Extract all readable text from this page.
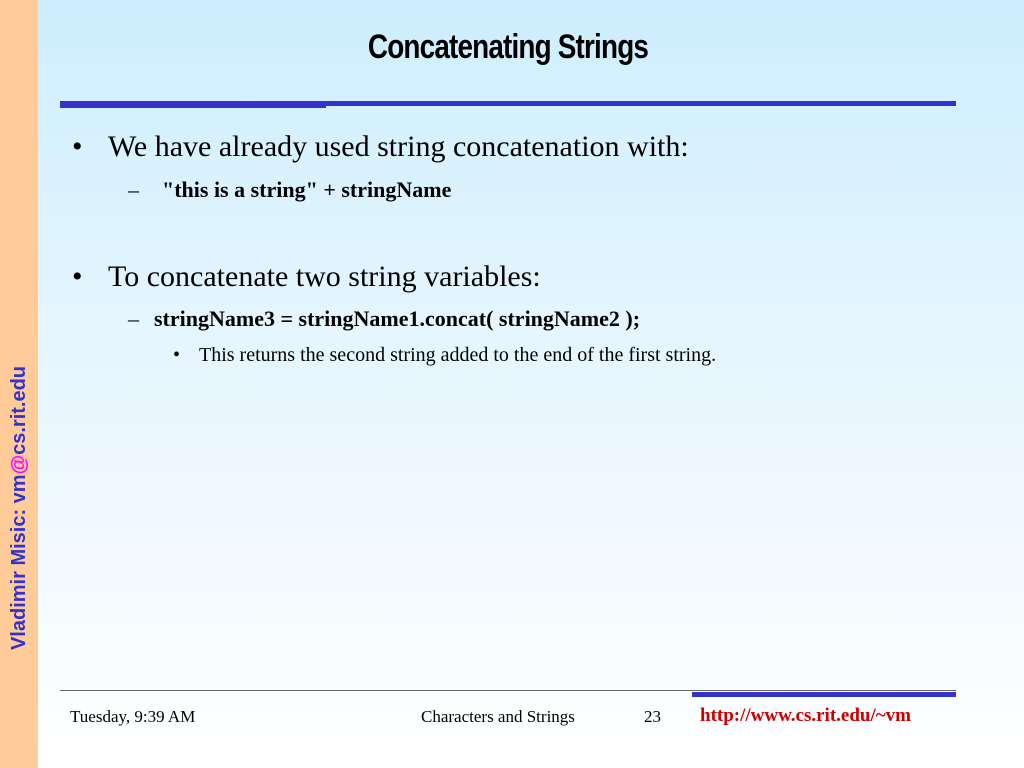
Vladimir Misic: vm@cs.rit.edu
Concatenating Strings
• We have already used string concatenation with:
– "this is a string" + stringName
• To concatenate two string variables:
– stringName3 = stringName1.concat( stringName2 );
• This returns the second string added to the end of the first string.
Tuesday, 9:39 AM	Characters and Strings	23 http://www.cs.rit.edu/~vm
